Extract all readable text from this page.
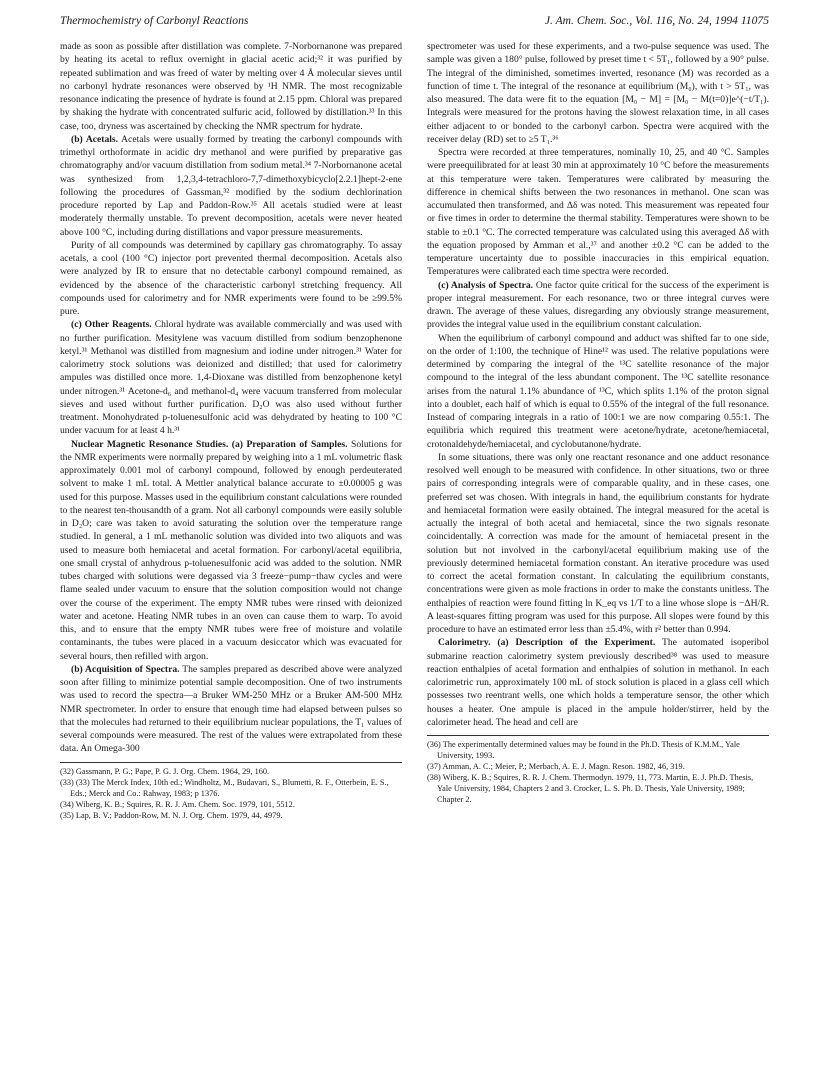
Thermochemistry of Carbonyl Reactions	J. Am. Chem. Soc., Vol. 116, No. 24, 1994 11075

made as soon as possible after distillation was complete. 7-Norbornanone was prepared by heating its acetal to reflux overnight in glacial acetic acid;³² it was purified by repeated sublimation and was freed of water by melting over 4 Å molecular sieves until no carbonyl hydrate resonances were observed by ¹H NMR. The most recognizable resonance indicating the presence of hydrate is found at 2.15 ppm. Chloral was prepared by shaking the hydrate with concentrated sulfuric acid, followed by distillation.³³ In this case, too, dryness was ascertained by checking the NMR spectrum for hydrate.

(b) Acetals. Acetals were usually formed by treating the carbonyl compounds with trimethyl orthoformate in acidic dry methanol and were purified by preparative gas chromatography and/or vacuum distillation from sodium metal.³⁴ 7-Norbornanone acetal was synthesized from 1,2,3,4-tetrachloro-7,7-dimethoxybicyclo[2.2.1]hept-2-ene following the procedures of Gassman,³² modified by the sodium dechlorination procedure reported by Lap and Paddon-Row.³⁵ All acetals studied were at least moderately thermally unstable. To prevent decomposition, acetals were never heated above 100 °C, including during distillations and vapor pressure measurements.

Purity of all compounds was determined by capillary gas chromatography. To assay acetals, a cool (100 °C) injector port prevented thermal decomposition. Acetals also were analyzed by IR to ensure that no detectable carbonyl compound remained, as evidenced by the absence of the characteristic carbonyl stretching frequency. All compounds used for calorimetry and for NMR experiments were found to be ≥99.5% pure.

(c) Other Reagents. Chloral hydrate was available commercially and was used with no further purification. Mesitylene was vacuum distilled from sodium benzophenone ketyl.³¹ Methanol was distilled from magnesium and iodine under nitrogen.³¹ Water for calorimetry stock solutions was deionized and distilled; that used for calorimetry ampules was distilled once more. 1,4-Dioxane was distilled from benzophenone ketyl under nitrogen.³¹ Acetone-d₆ and methanol-d₄ were vacuum transferred from molecular sieves and used without further purification. D₂O was also used without further treatment. Monohydrated p-toluenesulfonic acid was dehydrated by heating to 100 °C under vacuum for at least 4 h.³¹

Nuclear Magnetic Resonance Studies. (a) Preparation of Samples. Solutions for the NMR experiments were normally prepared by weighing into a 1 mL volumetric flask approximately 0.001 mol of carbonyl compound, followed by enough perdeuterated solvent to make 1 mL total. A Mettler analytical balance accurate to ±0.00005 g was used for this purpose. Masses used in the equilibrium constant calculations were rounded to the nearest ten-thousandth of a gram. Not all carbonyl compounds were easily soluble in D₂O; care was taken to avoid saturating the solution over the temperature range studied. In general, a 1 mL methanolic solution was divided into two aliquots and was used to measure both hemiacetal and acetal formation. For carbonyl/acetal equilibria, one small crystal of anhydrous p-toluenesulfonic acid was added to the solution. NMR tubes charged with solutions were degassed via 3 freeze−pump−thaw cycles and were flame sealed under vacuum to ensure that the solution composition would not change over the course of the experiment. The empty NMR tubes were rinsed with deionized water and acetone. Heating NMR tubes in an oven can cause them to warp. To avoid this, and to ensure that the empty NMR tubes were free of moisture and volatile contaminants, the tubes were placed in a vacuum desiccator which was evacuated for several hours, then refilled with argon.

(b) Acquisition of Spectra. The samples prepared as described above were analyzed soon after filling to minimize potential sample decomposition. One of two instruments was used to record the spectra—a Bruker WM-250 MHz or a Bruker AM-500 MHz NMR spectrometer. In order to ensure that enough time had elapsed between pulses so that the molecules had returned to their equilibrium nuclear populations, the T₁ values of several compounds were measured. The rest of the values were extrapolated from these data. An Omega-300

(32) Gassmann, P. G.; Pape, P. G. J. Org. Chem. 1964, 29, 160.
(33) (33) The Merck Index, 10th ed.; Windholtz, M., Budavari, S., Blumetti, R. F., Otterbein, E. S., Eds.; Merck and Co.: Rahway, 1983; p 1376.
(34) Wiberg, K. B.; Squires, R. R. J. Am. Chem. Soc. 1979, 101, 5512.
(35) Lap, B. V.; Paddon-Row, M. N. J. Org. Chem. 1979, 44, 4979.

spectrometer was used for these experiments, and a two-pulse sequence was used. The sample was given a 180° pulse, followed by preset time t < 5T₁, followed by a 90° pulse. The integral of the diminished, sometimes inverted, resonance (M) was recorded as a function of time t. The integral of the resonance at equilibrium (M₀), with t > 5T₁, was also measured. The data were fit to the equation [M₀ − M] = [M₀ − M(t=0)]e^(−t/T₁). Integrals were measured for the protons having the slowest relaxation time, in all cases either adjacent to or bonded to the carbonyl carbon. Spectra were acquired with the receiver delay (RD) set to ≥5 T₁.³⁶

Spectra were recorded at three temperatures, nominally 10, 25, and 40 °C. Samples were preequilibrated for at least 30 min at approximately 10 °C before the measurements at this temperature were taken. Temperatures were calibrated by measuring the difference in chemical shifts between the two resonances in methanol. One scan was accumulated then transformed, and Δδ was noted. This measurement was repeated four or five times in order to determine the thermal stability. Temperatures were shown to be stable to ±0.1 °C. The corrected temperature was calculated using this averaged Δδ with the equation proposed by Amman et al.,³⁷ and another ±0.2 °C can be added to the temperature uncertainty due to possible inaccuracies in this empirical equation. Temperatures were calibrated each time spectra were recorded.

(c) Analysis of Spectra. One factor quite critical for the success of the experiment is proper integral measurement. For each resonance, two or three integral curves were drawn. The average of these values, disregarding any obviously strange measurement, provides the integral value used in the equilibrium constant calculation.

When the equilibrium of carbonyl compound and adduct was shifted far to one side, on the order of 1:100, the technique of Hine¹² was used. The relative populations were determined by comparing the integral of the ¹³C satellite resonance of the major compound to the integral of the less abundant component. The ¹³C satellite resonance arises from the natural 1.1% abundance of ¹³C, which splits 1.1% of the proton signal into a doublet, each half of which is equal to 0.55% of the integral of the full resonance. Instead of comparing integrals in a ratio of 100:1 we are now comparing 0.55:1. The equilibria which required this treatment were acetone/hydrate, acetone/hemiacetal, crotonaldehyde/hemiacetal, and cyclobutanone/hydrate.

In some situations, there was only one reactant resonance and one adduct resonance resolved well enough to be measured with confidence. In other situations, two or three pairs of corresponding integrals were of comparable quality, and in these cases, one preferred set was chosen. With integrals in hand, the equilibrium constants for hydrate and hemiacetal formation were easily obtained. The integral measured for the acetal is actually the integral of both acetal and hemiacetal, since the two signals resonate coincidentally. A correction was made for the amount of hemiacetal present in the solution but not involved in the carbonyl/acetal equilibrium making use of the previously determined hemiacetal formation constant. An iterative procedure was used to correct the acetal formation constant. In calculating the equilibrium constants, concentrations were given as mole fractions in order to make the constants unitless. The enthalpies of reaction were found fitting ln K_eq vs 1/T to a line whose slope is −ΔH/R. A least-squares fitting program was used for this purpose. All slopes were found by this procedure to have an estimated error less than ±5.4%, with r² better than 0.994.

Calorimetry. (a) Description of the Experiment. The automated isoperibol submarine reaction calorimetry system previously described³⁸ was used to measure reaction enthalpies of acetal formation and enthalpies of solution in methanol. In each calorimetric run, approximately 100 mL of stock solution is placed in a glass cell which possesses two reentrant wells, one which holds a temperature sensor, the other which houses a heater. One ampule is placed in the ampule holder/stirrer, held by the calorimeter head. The head and cell are

(36) The experimentally determined values may be found in the Ph.D. Thesis of K.M.M., Yale University, 1993.
(37) Amman, A. C.; Meier, P.; Merbach, A. E. J. Magn. Reson. 1982, 46, 319.
(38) Wiberg, K. B.; Squires, R. R. J. Chem. Thermodyn. 1979, 11, 773. Martin, E. J. Ph.D. Thesis, Yale University, 1984, Chapters 2 and 3. Crocker, L. S. Ph. D. Thesis, Yale University, 1989; Chapter 2.
